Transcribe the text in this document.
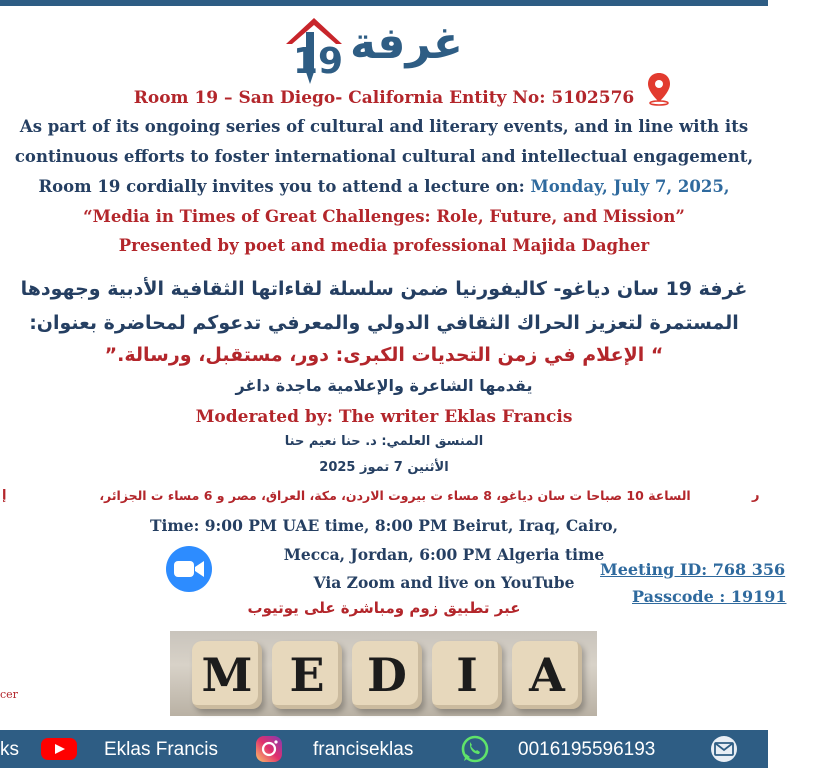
19 غرفة
Room 19 – San Diego- California Entity No: 5102576
As part of its ongoing series of cultural and literary events, and in line with its
continuous efforts to foster international cultural and intellectual engagement,
Room 19 cordially invites you to attend a lecture on: Monday, July 7, 2025,
“Media in Times of Great Challenges: Role, Future, and Mission”
Presented by poet and media professional Majida Dagher
غرفة 19 سان دياغو- كاليفورنيا ضمن سلسلة لقاءاتها الثقافية الأدبية وجهودها
المستمرة لتعزيز الحراك الثقافي الدولي والمعرفي تدعوكم لمحاضرة بعنوان:
“ الإعلام في زمن التحديات الكبرى: دور، مستقبل، ورسالة.”
يقدمها الشاعرة والإعلامية ماجدة داغر
Moderated by: The writer Eklas Francis
المنسق العلمي: د. حنا نعيم حنا
الأثنين 7 تموز 2025
الساعة 10 صباحا ت سان دياغو، 8 مساء ت بيروت الاردن، مكة، العراق، مصر و 6 مساء ت الجزائر،
إ	ر
Time: 9:00 PM UAE time, 8:00 PM Beirut, Iraq, Cairo,
Mecca, Jordan, 6:00 PM Algeria time
Via Zoom and live on YouTube
عبر تطبيق زوم ومباشرة على يوتيوب
Meeting ID: 768 356
Passcode : 19191
cer	M E D	I	A
ks	Eklas Francis	franciseklas	0016195596193
